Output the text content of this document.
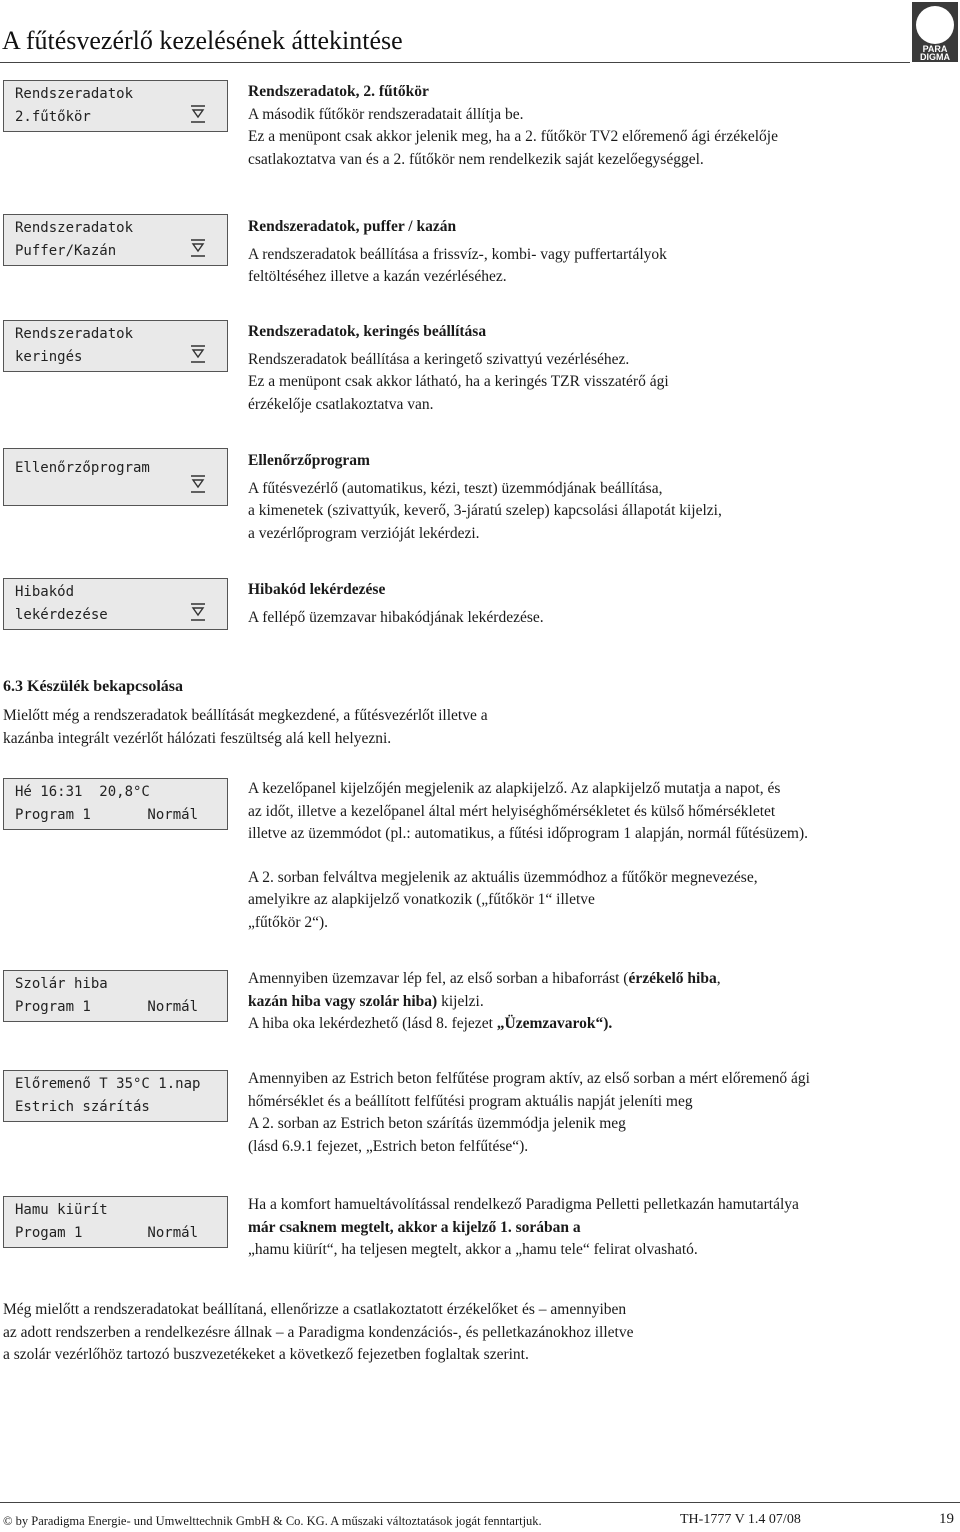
A fűtésvezérlő kezelésének áttekintése	PARA
DIGMA
Rendszeradatok
2.fűtőkör

Rendszeradatok, 2. fűtőkör

A második fűtőkör rendszeradatait állítja be.

Ez a menüpont csak akkor jelenik meg, ha a 2. fűtőkör TV2 előremenő ági érzékelője

csatlakoztatva van és a 2. fűtőkör nem rendelkezik saját kezelőegységgel.

Rendszeradatok
Puffer/Kazán

Rendszeradatok, puffer / kazán

A rendszeradatok beállítása a frissvíz-, kombi- vagy puffertartályok

feltöltéséhez illetve a kazán vezérléséhez.

Rendszeradatok
keringés

Rendszeradatok, keringés beállítása

Rendszeradatok beállítása a keringető szivattyú vezérléséhez.

Ez a menüpont csak akkor látható, ha a keringés TZR visszatérő ági

érzékelője csatlakoztatva van.

Ellenőrzőprogram	Ellenőrzőprogram

A fűtésvezérlő (automatikus, kézi, teszt) üzemmódjának beállítása,

a kimenetek (szivattyúk, keverő, 3-járatú szelep) kapcsolási állapotát kijelzi,

a vezérlőprogram verzióját lekérdezi.

Hibakód
lekérdezése

Hibakód lekérdezése

A fellépő üzemzavar hibakódjának lekérdezése.

6.3 Készülék bekapcsolása

Mielőtt még a rendszeradatok beállítását megkezdené, a fűtésvezérlőt illetve a

kazánba integrált vezérlőt hálózati feszültség alá kell helyezni.

Hé 16:31  20,8°C
Program 1	Normál

A kezelőpanel kijelzőjén megjelenik az alapkijelző. Az alapkijelző mutatja a napot, és

az időt, illetve a kezelőpanel által mért helyiséghőmérsékletet és külső hőmérsékletet

illetve az üzemmódot (pl.: automatikus, a fűtési időprogram 1 alapján, normál fűtésüzem).

A 2. sorban felváltva megjelenik az aktuális üzemmódhoz a fűtőkör megnevezése,

amelyikre az alapkijelző vonatkozik („fűtőkör 1“ illetve

„fűtőkör 2“).

Szolár hiba
Program 1	Normál

Amennyiben üzemzavar lép fel, az első sorban a hibaforrást (érzékelő hiba,

kazán hiba vagy szolár hiba) kijelzi.

A hiba oka lekérdezhető (lásd 8. fejezet „Üzemzavarok“).

Előremenő T 35°C 1.nap
Estrich szárítás

Amennyiben az Estrich beton felfűtése program aktív, az első sorban a mért előremenő ági

hőmérséklet és a beállított felfűtési program aktuális napját jeleníti meg

A 2. sorban az Estrich beton szárítás üzemmódja jelenik meg

(lásd 6.9.1 fejezet, „Estrich beton felfűtése“).

Hamu kiürít
Progam 1	Normál

Ha a komfort hamueltávolítással rendelkező Paradigma Pelletti pelletkazán hamutartálya

már csaknem megtelt, akkor a kijelző 1. sorában a

„hamu kiürít“, ha teljesen megtelt, akkor a „hamu tele“ felirat olvasható.

Még mielőtt a rendszeradatokat beállítaná, ellenőrizze a csatlakoztatott érzékelőket és – amennyiben

az adott rendszerben a rendelkezésre állnak – a Paradigma kondenzációs-, és pelletkazánokhoz illetve

a szolár vezérlőhöz tartozó buszvezetékeket a következő fejezetben foglaltak szerint.

© by Paradigma Energie- und Umwelttechnik GmbH & Co. KG. A műszaki változtatások jogát fenntartjuk.	TH-1777 V 1.4 07/08	19
